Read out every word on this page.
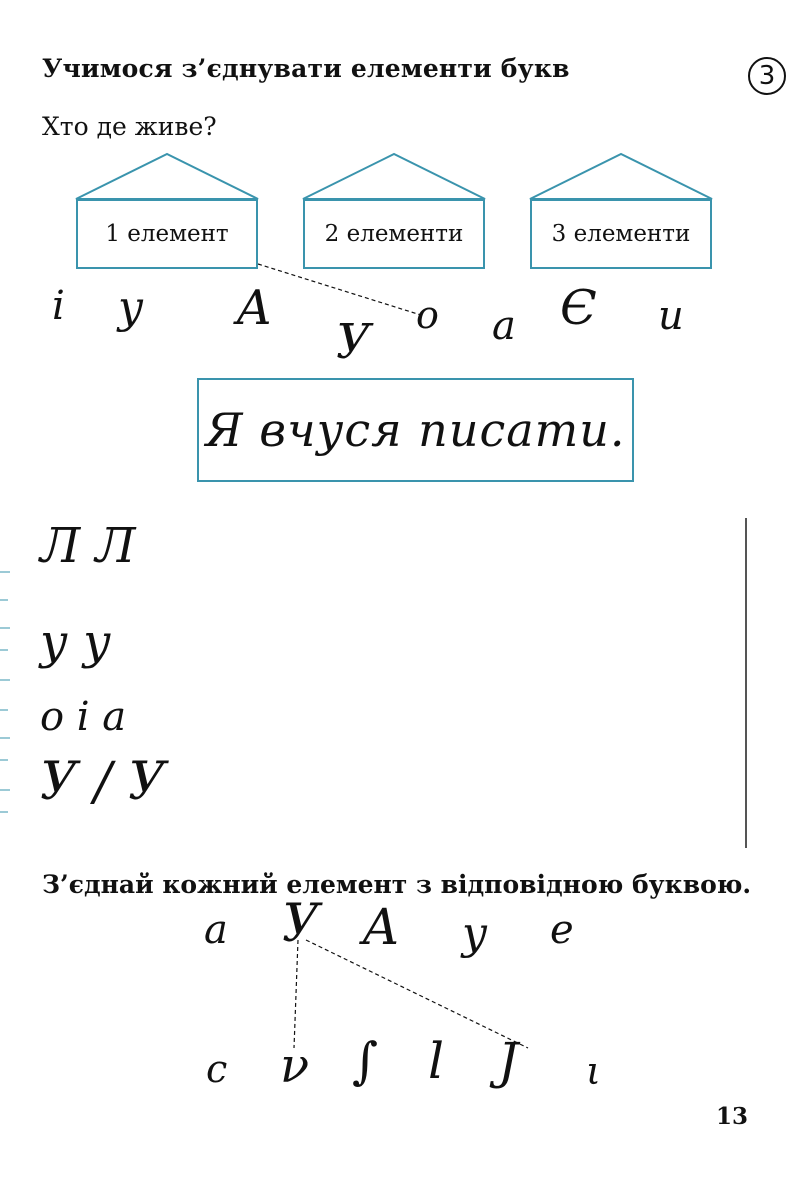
Учимося з’єднувати елементи букв	3
Хто де живе?
1 елемент	2 елементи	3 елементи
і у А
У о а Є и
Я вчуся писати.
Л Л
у у
о і а
У / У
З’єднай кожний елемент з відповідною буквою.
а У А у е
с ν ∫ l J ι
13
